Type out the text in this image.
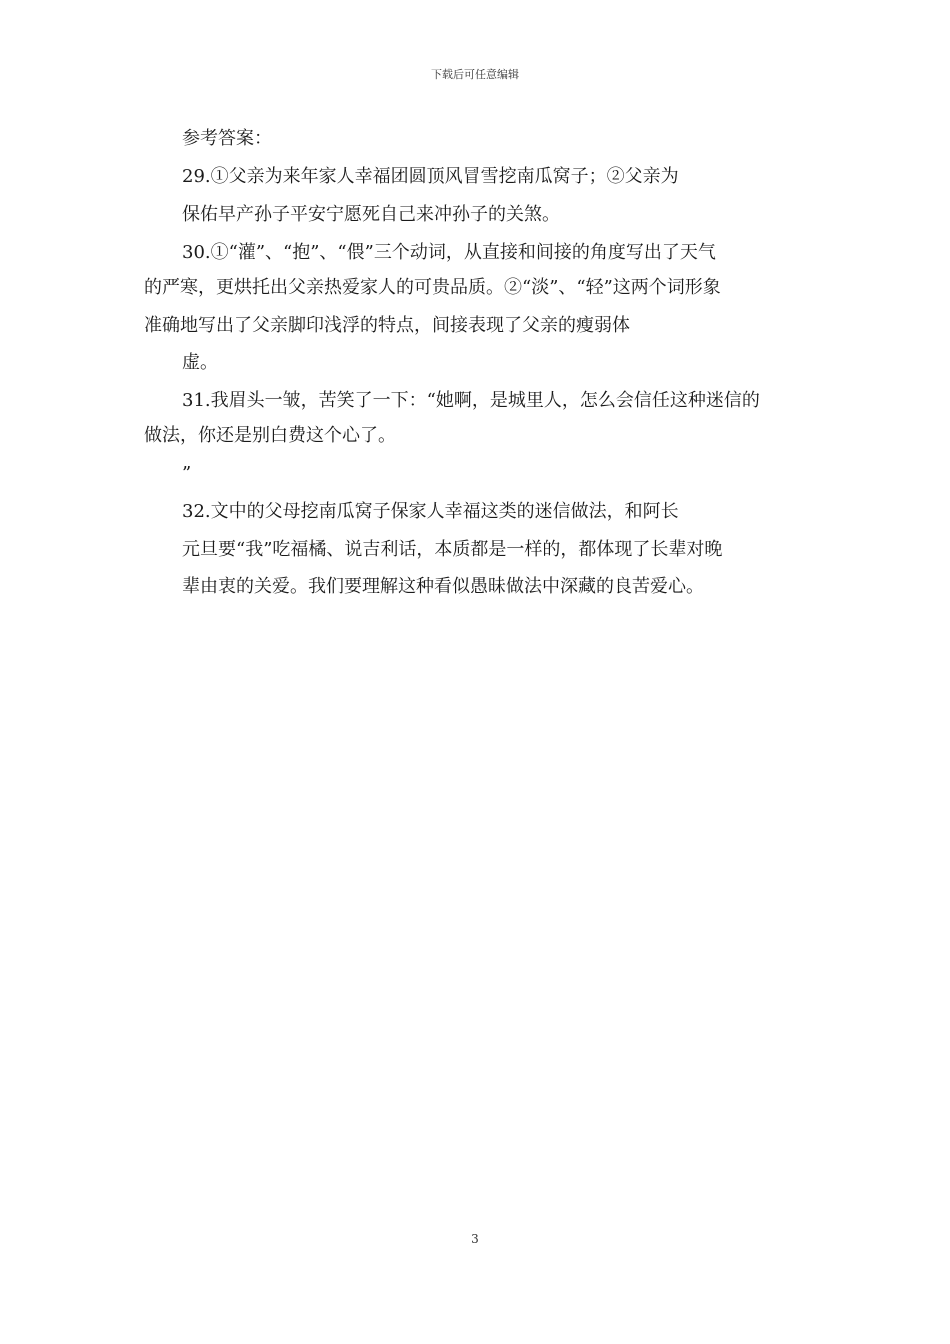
下载后可任意编辑
参考答案：
29.①父亲为来年家人幸福团圆顶风冒雪挖南瓜窝子；②父亲为
保佑早产孙子平安宁愿死自己来冲孙子的关煞。
30.①“灌”、“抱”、“偎”三个动词，从直接和间接的角度写出了天气
的严寒，更烘托出父亲热爱家人的可贵品质。②“淡”、“轻”这两个词形象
准确地写出了父亲脚印浅浮的特点，间接表现了父亲的瘦弱体
虚。
31.我眉头一皱，苦笑了一下：“她啊，是城里人，怎么会信任这种迷信的
做法，你还是别白费这个心了。
”
32.文中的父母挖南瓜窝子保家人幸福这类的迷信做法，和阿长
元旦要“我”吃福橘、说吉利话，本质都是一样的，都体现了长辈对晚
辈由衷的关爱。我们要理解这种看似愚昧做法中深藏的良苦爱心。
3
